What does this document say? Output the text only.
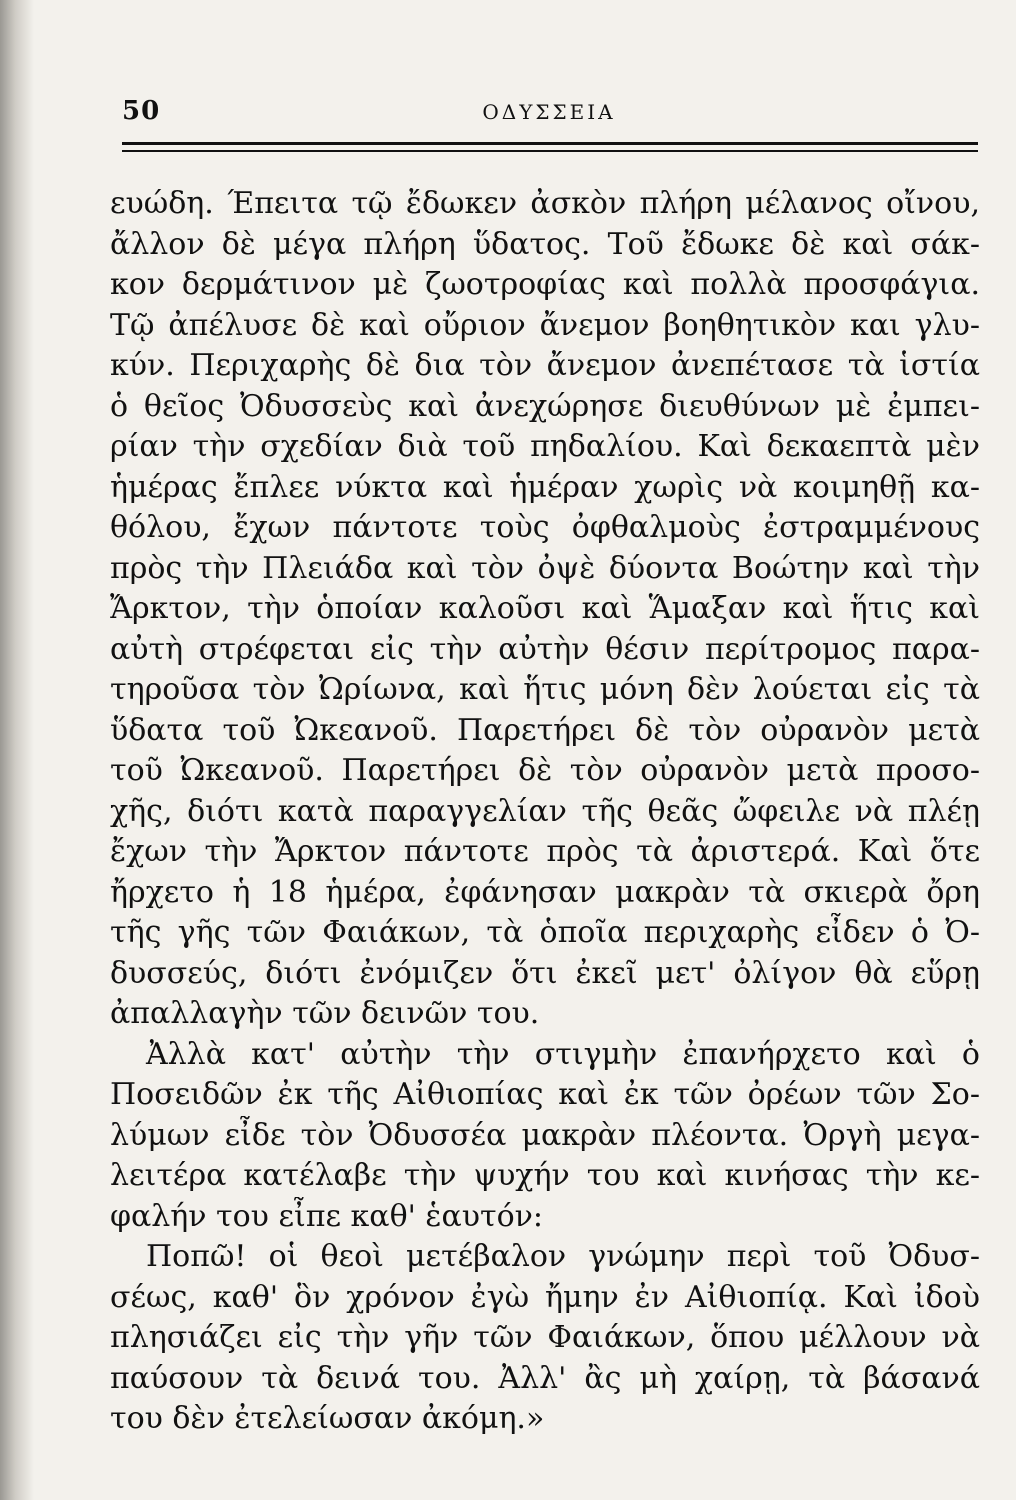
50	ΟΔΥΣΣΕΙΑ
ευώδη. Έπειτα τῷ ἔδωκεν ἀσκὸν πλήρη μέλανος οἴνου,
ἄλλον δὲ μέγα πλήρη ὕδατος. Τοῦ ἔδωκε δὲ καὶ σάκ-
κον δερμάτινον μὲ ζωοτροφίας καὶ πολλὰ προσφάγια.
Τῷ ἀπέλυσε δὲ καὶ οὔριον ἄνεμον βοηθητικὸν και γλυ-
κύν. Περιχαρὴς δὲ δια τὸν ἄνεμον ἀνεπέτασε τὰ ἱστία
ὁ θεῖος Ὀδυσσεὺς καὶ ἀνεχώρησε διευθύνων μὲ ἐμπει-
ρίαν τὴν σχεδίαν διὰ τοῦ πηδαλίου. Καὶ δεκαεπτὰ μὲν
ἡμέρας ἔπλεε νύκτα καὶ ἡμέραν χωρὶς νὰ κοιμηθῇ κα-
θόλου, ἔχων πάντοτε τοὺς ὀφθαλμοὺς ἐστραμμένους
πρὸς τὴν Πλειάδα καὶ τὸν ὀψὲ δύοντα Βοώτην καὶ τὴν
Ἄρκτον, τὴν ὁποίαν καλοῦσι καὶ Ἅμαξαν καὶ ἥτις καὶ
αὐτὴ στρέφεται εἰς τὴν αὐτὴν θέσιν περίτρομος παρα-
τηροῦσα τὸν Ὠρίωνα, καὶ ἥτις μόνη δὲν λούεται εἰς τὰ
ὕδατα τοῦ Ὠκεανοῦ. Παρετήρει δὲ τὸν οὐρανὸν μετὰ
τοῦ Ὠκεανοῦ. Παρετήρει δὲ τὸν οὐρανὸν μετὰ προσο-
χῆς, διότι κατὰ παραγγελίαν τῆς θεᾶς ὤφειλε νὰ πλέῃ
ἔχων τὴν Ἄρκτον πάντοτε πρὸς τὰ ἀριστερά. Καὶ ὅτε
ἤρχετο ἡ 18 ἡμέρα, ἐφάνησαν μακρὰν τὰ σκιερὰ ὄρη
τῆς γῆς τῶν Φαιάκων, τὰ ὁποῖα περιχαρὴς εἶδεν ὁ Ὀ-
δυσσεύς, διότι ἐνόμιζεν ὅτι ἐκεῖ μετ' ὀλίγον θὰ εὕρῃ
ἀπαλλαγὴν τῶν δεινῶν του.
Ἀλλὰ κατ' αὐτὴν τὴν στιγμὴν ἐπανήρχετο καὶ ὁ
Ποσειδῶν ἐκ τῆς Αἰθιοπίας καὶ ἐκ τῶν ὀρέων τῶν Σο-
λύμων εἶδε τὸν Ὀδυσσέα μακρὰν πλέοντα. Ὀργὴ μεγα-
λειτέρα κατέλαβε τὴν ψυχήν του καὶ κινήσας τὴν κε-
φαλήν του εἶπε καθ' ἑαυτόν:
Ποπῶ! οἱ θεοὶ μετέβαλον γνώμην περὶ τοῦ Ὀδυσ-
σέως, καθ' ὃν χρόνον ἐγὼ ἤμην ἐν Αἰθιοπίᾳ. Καὶ ἰδοὺ
πλησιάζει εἰς τὴν γῆν τῶν Φαιάκων, ὅπου μέλλουν νὰ
παύσουν τὰ δεινά του. Ἀλλ' ἂς μὴ χαίρῃ, τὰ βάσανά
του δὲν ἐτελείωσαν ἀκόμη.»
